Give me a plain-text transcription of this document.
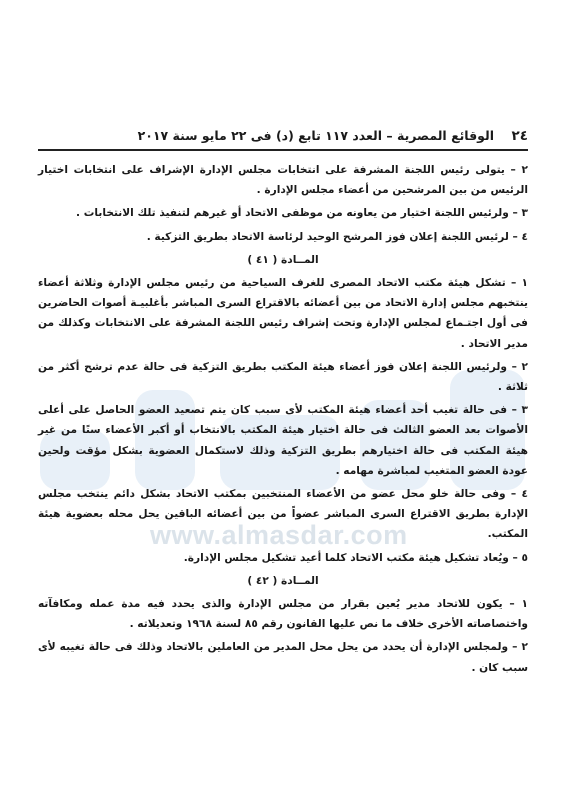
www.almasdar.com
٢٤
الوقائع المصرية – العدد ١١٧ تابع (د) فى ٢٢ مايو سنة ٢٠١٧

٢ – يتولى رئيس اللجنة المشرفة على انتخابات مجلس الإدارة الإشراف على انتخابات اختيار الرئيس من بين المرشحين من أعضاء مجلس الإدارة .

٣ – ولرئيس اللجنة اختيار من يعاونه من موظفى الاتحاد أو غيرهم لتنفيذ تلك الانتخابات .

٤ – لرئيس اللجنة إعلان فوز المرشح الوحيد لرئاسة الاتحاد بطريق التزكية .

المــادة ( ٤١ )

١ – تشكل هيئة مكتب الاتحاد المصرى للغرف السياحية من رئيس مجلس الإدارة وثلاثة أعضاء ينتخبهم مجلس إدارة الاتحاد من بين أعضائه بالاقتراع السرى المباشر بأغلبيـة أصوات الحاضرين فى أول اجتـماع لمجلس الإدارة وتحت إشراف رئيس اللجنة المشرفة على الانتخابات وكذلك من مدير الاتحاد .

٢ – ولرئيس اللجنة إعلان فوز أعضاء هيئة المكتب بطريق التزكية فى حالة عدم ترشح أكثر من ثلاثة .

٣ – فى حالة تغيب أحد أعضاء هيئة المكتب لأى سبب كان يتم تصعيد العضو الحاصل على أعلى الأصوات بعد العضو الثالث فى حالة اختيار هيئة المكتب بالانتخاب أو أكبر الأعضاء سنًا من غير هيئة المكتب فى حالة اختيارهم بطريق التزكية وذلك لاستكمال العضوية بشكل مؤقت ولحين عودة العضو المتغيب لمباشرة مهامه .

٤ – وفى حالة خلو محل عضو من الأعضاء المنتخبين بمكتب الاتحاد بشكل دائم ينتخب مجلس الإدارة بطريق الاقتراع السرى المباشر عضواً من بين أعضائه الباقين يحل محله بعضوية هيئة المكتب.

٥ – ويُعاد تشكيل هيئة مكتب الاتحاد كلما أعيد تشكيل مجلس الإدارة.

المــادة ( ٤٢ )

١ – يكون للاتحاد مدير يُعين بقرار من مجلس الإدارة والذى يحدد فيه مدة عمله ومكافآته واختصاصاته الأخرى خلاف ما نص عليها القانون رقم ٨٥ لسنة ١٩٦٨ وتعديلاته .

٢ – ولمجلس الإدارة أن يحدد من يحل محل المدير من العاملين بالاتحاد وذلك فى حالة تغيبه لأى سبب كان .
